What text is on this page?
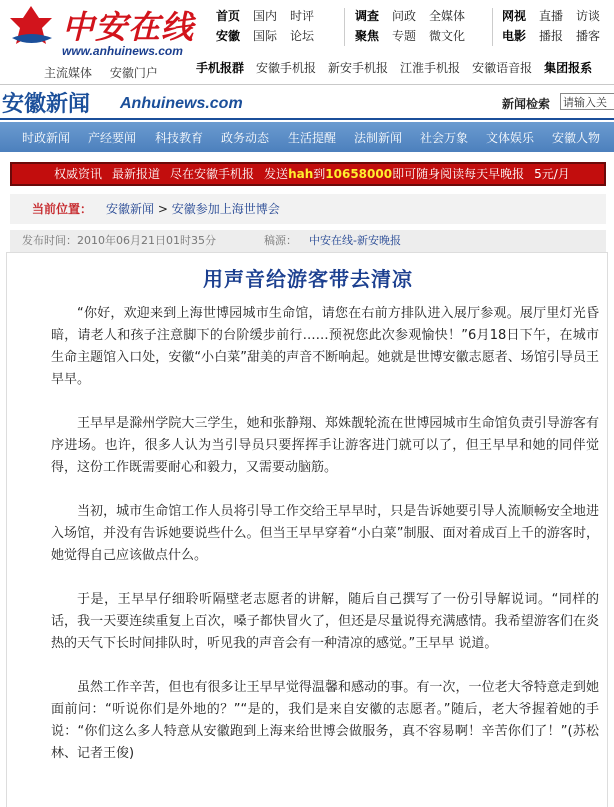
中安在线
www.anhuinews.com
主流媒体 安徽门户
首页 国内 时评
安徽 国际 论坛
调查 问政 全媒体
聚焦 专题 微文化
网视 直播 访谈
电影 播报 播客
手机报群 安徽手机报 新安手机报 江淮手机报 安徽语音报 集团报系
安徽新闻 Anhuinews.com	新闻检索 请输入关
时政新闻 产经要闻 科技教育 政务动态 生活提醒 法制新闻 社会万象 文体娱乐 安徽人物
权威资讯 最新报道 尽在安徽手机报 发送hah到10658000即可随身阅读每天早晚报 5元/月
当前位置： 安徽新闻 > 安徽参加上海世博会
发布时间：2010年06月21日01时35分	稿源： 中安在线-新安晚报
用声音给游客带去清凉

“你好，欢迎来到上海世博园城市生命馆，请您在右前方排队进入展厅参观。展厅里灯光昏暗，请老人和孩子注意脚下的台阶缓步前行……预祝您此次参观愉快！”6月18日下午，在城市生命主题馆入口处，安徽“小白菜”甜美的声音不断响起。她就是世博安徽志愿者、场馆引导员王早早。

王早早是滁州学院大三学生，她和张静翔、郑姝靓轮流在世博园城市生命馆负责引导游客有序进场。也许，很多人认为当引导员只要挥挥手让游客进门就可以了，但王早早和她的同伴觉得，这份工作既需要耐心和毅力，又需要动脑筋。

当初，城市生命馆工作人员将引导工作交给王早早时，只是告诉她要引导人流顺畅安全地进入场馆，并没有告诉她要说些什么。但当王早早穿着“小白菜”制服、面对着成百上千的游客时，她觉得自己应该做点什么。

于是，王早早仔细聆听隔壁老志愿者的讲解，随后自己撰写了一份引导解说词。“同样的话，我一天要连续重复上百次，嗓子都快冒火了，但还是尽量说得充满感情。我希望游客们在炎热的天气下长时间排队时，听见我的声音会有一种清凉的感觉。”王早早 说道。

虽然工作辛苦，但也有很多让王早早觉得温馨和感动的事。有一次，一位老大爷特意走到她面前问：“听说你们是外地的？”“是的，我们是来自安徽的志愿者。”随后，老大爷握着她的手说：“你们这么多人特意从安徽跑到上海来给世博会做服务，真不容易啊！辛苦你们了！”(苏松林、记者王俊)
